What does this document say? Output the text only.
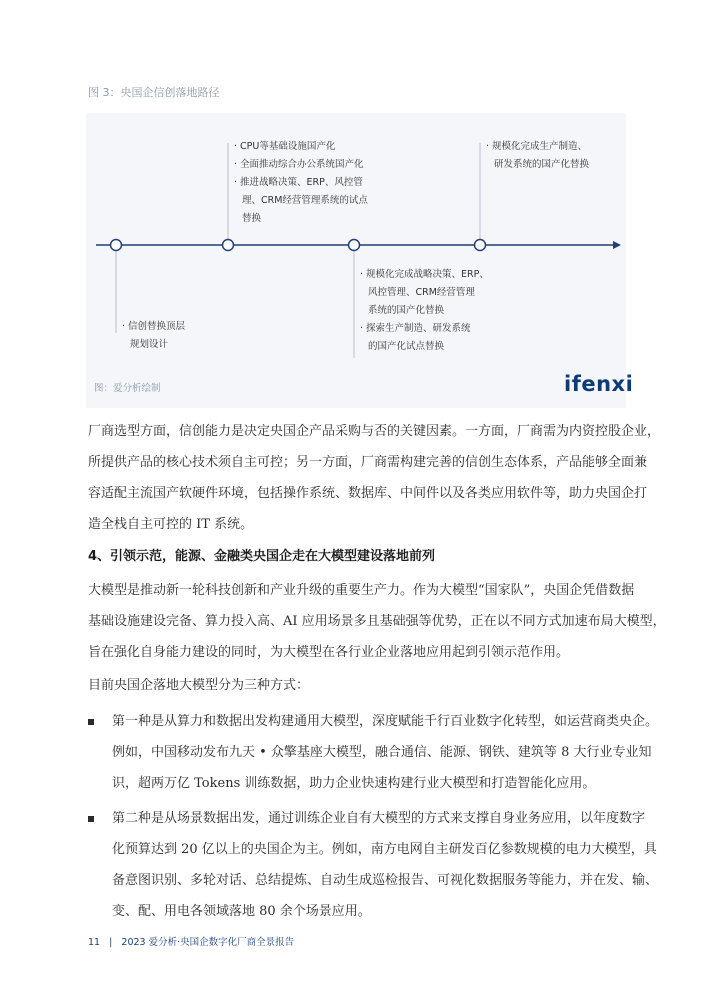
图 3：央国企信创落地路径
· 信创替换顶层
规划设计
· CPU等基础设施国产化
· 全面推动综合办公系统国产化
· 推进战略决策、ERP、风控管
理、CRM经营管理系统的试点
替换
· 规模化完成战略决策、ERP、
风控管理、CRM经营管理
系统的国产化替换
· 探索生产制造、研发系统
的国产化试点替换
· 规模化完成生产制造、
研发系统的国产化替换
图：爱分析绘制	ifenxi
厂商选型方面，信创能力是决定央国企产品采购与否的关键因素。一方面，厂商需为内资控股企业，
所提供产品的核心技术须自主可控；另一方面，厂商需构建完善的信创生态体系，产品能够全面兼
容适配主流国产软硬件环境，包括操作系统、数据库、中间件以及各类应用软件等，助力央国企打
造全栈自主可控的 IT 系统。
4、引领示范，能源、金融类央国企走在大模型建设落地前列
大模型是推动新一轮科技创新和产业升级的重要生产力。作为大模型“国家队”，央国企凭借数据
基础设施建设完备、算力投入高、AI 应用场景多且基础强等优势，正在以不同方式加速布局大模型，
旨在强化自身能力建设的同时，为大模型在各行业企业落地应用起到引领示范作用。
目前央国企落地大模型分为三种方式：
第一种是从算力和数据出发构建通用大模型，深度赋能千行百业数字化转型，如运营商类央企。
例如，中国移动发布九天 • 众擎基座大模型，融合通信、能源、钢铁、建筑等 8 大行业专业知
识，超两万亿 Tokens 训练数据，助力企业快速构建行业大模型和打造智能化应用。
第二种是从场景数据出发，通过训练企业自有大模型的方式来支撑自身业务应用，以年度数字
化预算达到 20 亿以上的央国企为主。例如，南方电网自主研发百亿参数规模的电力大模型，具
备意图识别、多轮对话、总结提炼、自动生成巡检报告、可视化数据服务等能力，并在发、输、
变、配、用电各领域落地 80 余个场景应用。
11 | 2023 爱分析·央国企数字化厂商全景报告
